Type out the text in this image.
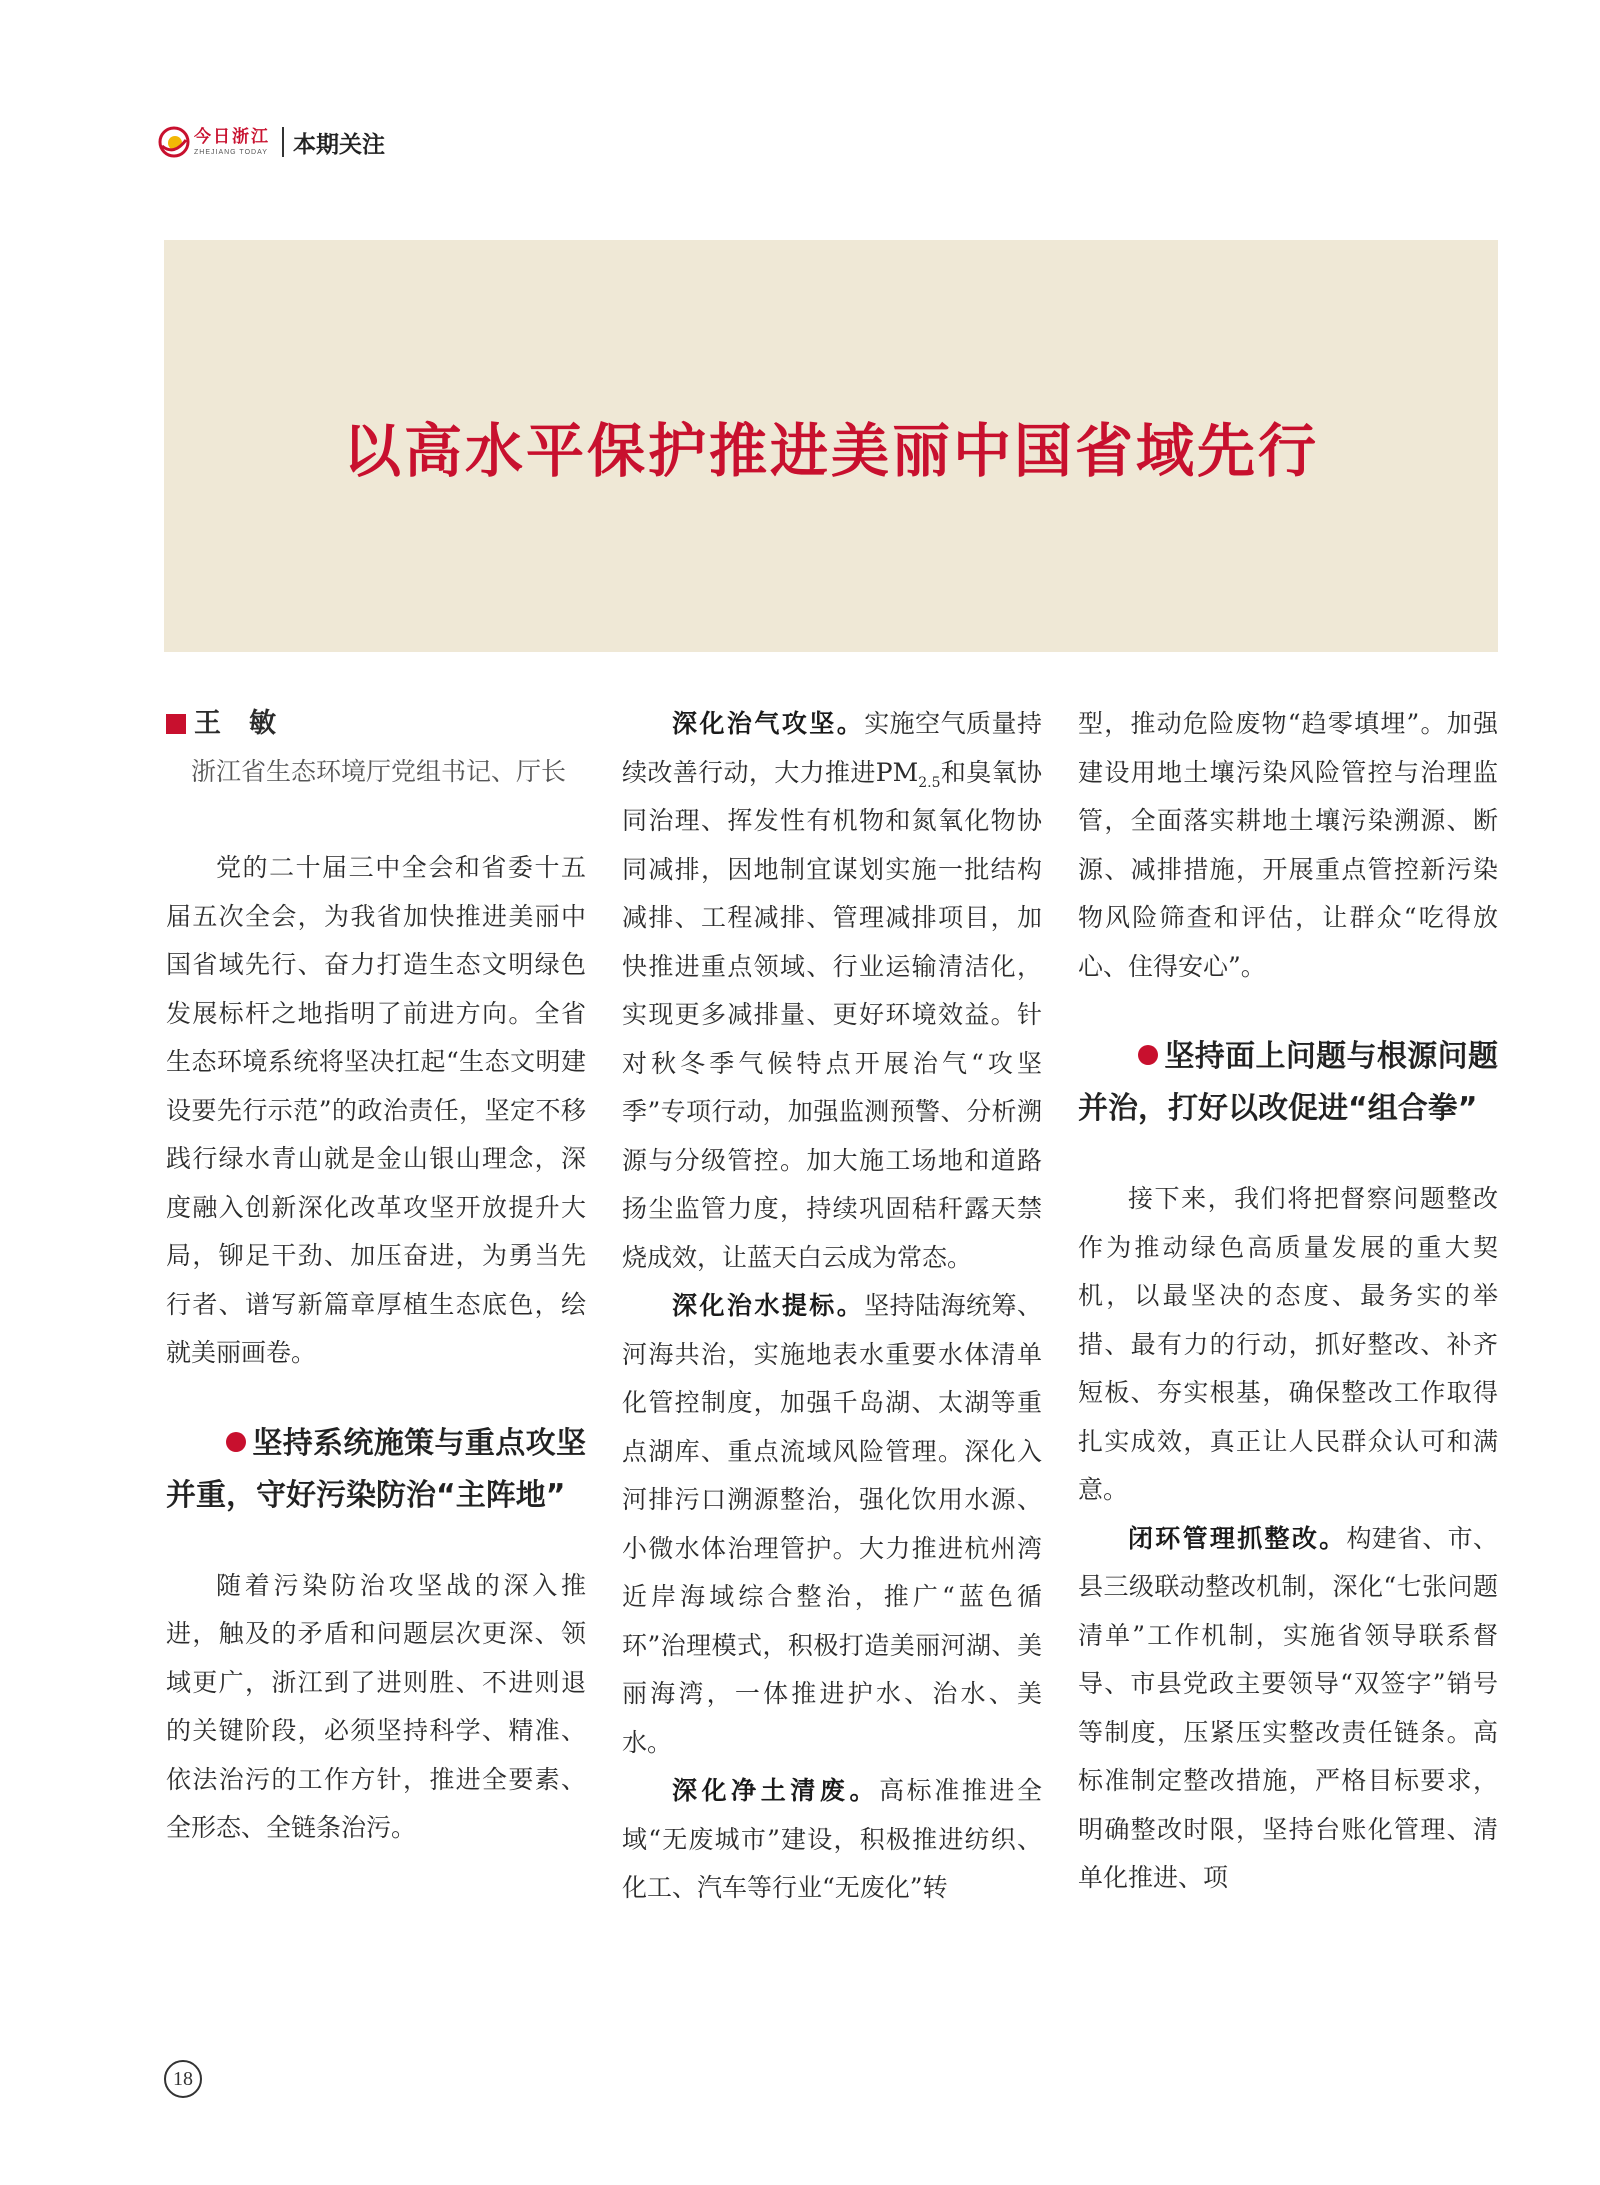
今日浙江
ZHEJIANG TODAY 本期关注
以高水平保护推进美丽中国省域先行
王敏
浙江省生态环境厅党组书记、厅长

党的二十届三中全会和省委十五届五次全会，为我省加快推进美丽中国省域先行、奋力打造生态文明绿色发展标杆之地指明了前进方向。全省生态环境系统将坚决扛起“生态文明建设要先行示范”的政治责任，坚定不移践行绿水青山就是金山银山理念，深度融入创新深化改革攻坚开放提升大局，铆足干劲、加压奋进，为勇当先行者、谱写新篇章厚植生态底色，绘就美丽画卷。

坚持系统施策与重点攻坚并重，守好污染防治“主阵地”

随着污染防治攻坚战的深入推进，触及的矛盾和问题层次更深、领域更广，浙江到了进则胜、不进则退的关键阶段，必须坚持科学、精准、依法治污的工作方针，推进全要素、全形态、全链条治污。

深化治气攻坚。实施空气质量持续改善行动，大力推进$PM_{2.5}$和臭氧协同治理、挥发性有机物和氮氧化物协同减排，因地制宜谋划实施一批结构减排、工程减排、管理减排项目，加快推进重点领域、行业运输清洁化，实现更多减排量、更好环境效益。针对秋冬季气候特点开展治气“攻坚季”专项行动，加强监测预警、分析溯源与分级管控。加大施工场地和道路扬尘监管力度，持续巩固秸秆露天禁烧成效，让蓝天白云成为常态。

深化治水提标。坚持陆海统筹、河海共治，实施地表水重要水体清单化管控制度，加强千岛湖、太湖等重点湖库、重点流域风险管理。深化入河排污口溯源整治，强化饮用水源、小微水体治理管护。大力推进杭州湾近岸海域综合整治，推广“蓝色循环”治理模式，积极打造美丽河湖、美丽海湾，一体推进护水、治水、美水。

深化净土清废。高标准推进全域“无废城市”建设，积极推进纺织、化工、汽车等行业“无废化”转

型，推动危险废物“趋零填埋”。加强建设用地土壤污染风险管控与治理监管，全面落实耕地土壤污染溯源、断源、减排措施，开展重点管控新污染物风险筛查和评估，让群众“吃得放心、住得安心”。

坚持面上问题与根源问题并治，打好以改促进“组合拳”

接下来，我们将把督察问题整改作为推动绿色高质量发展的重大契机，以最坚决的态度、最务实的举措、最有力的行动，抓好整改、补齐短板、夯实根基，确保整改工作取得扎实成效，真正让人民群众认可和满意。

闭环管理抓整改。构建省、市、县三级联动整改机制，深化“七张问题清单”工作机制，实施省领导联系督导、市县党政主要领导“双签字”销号等制度，压紧压实整改责任链条。高标准制定整改措施，严格目标要求，明确整改时限，坚持台账化管理、清单化推进、项

18
